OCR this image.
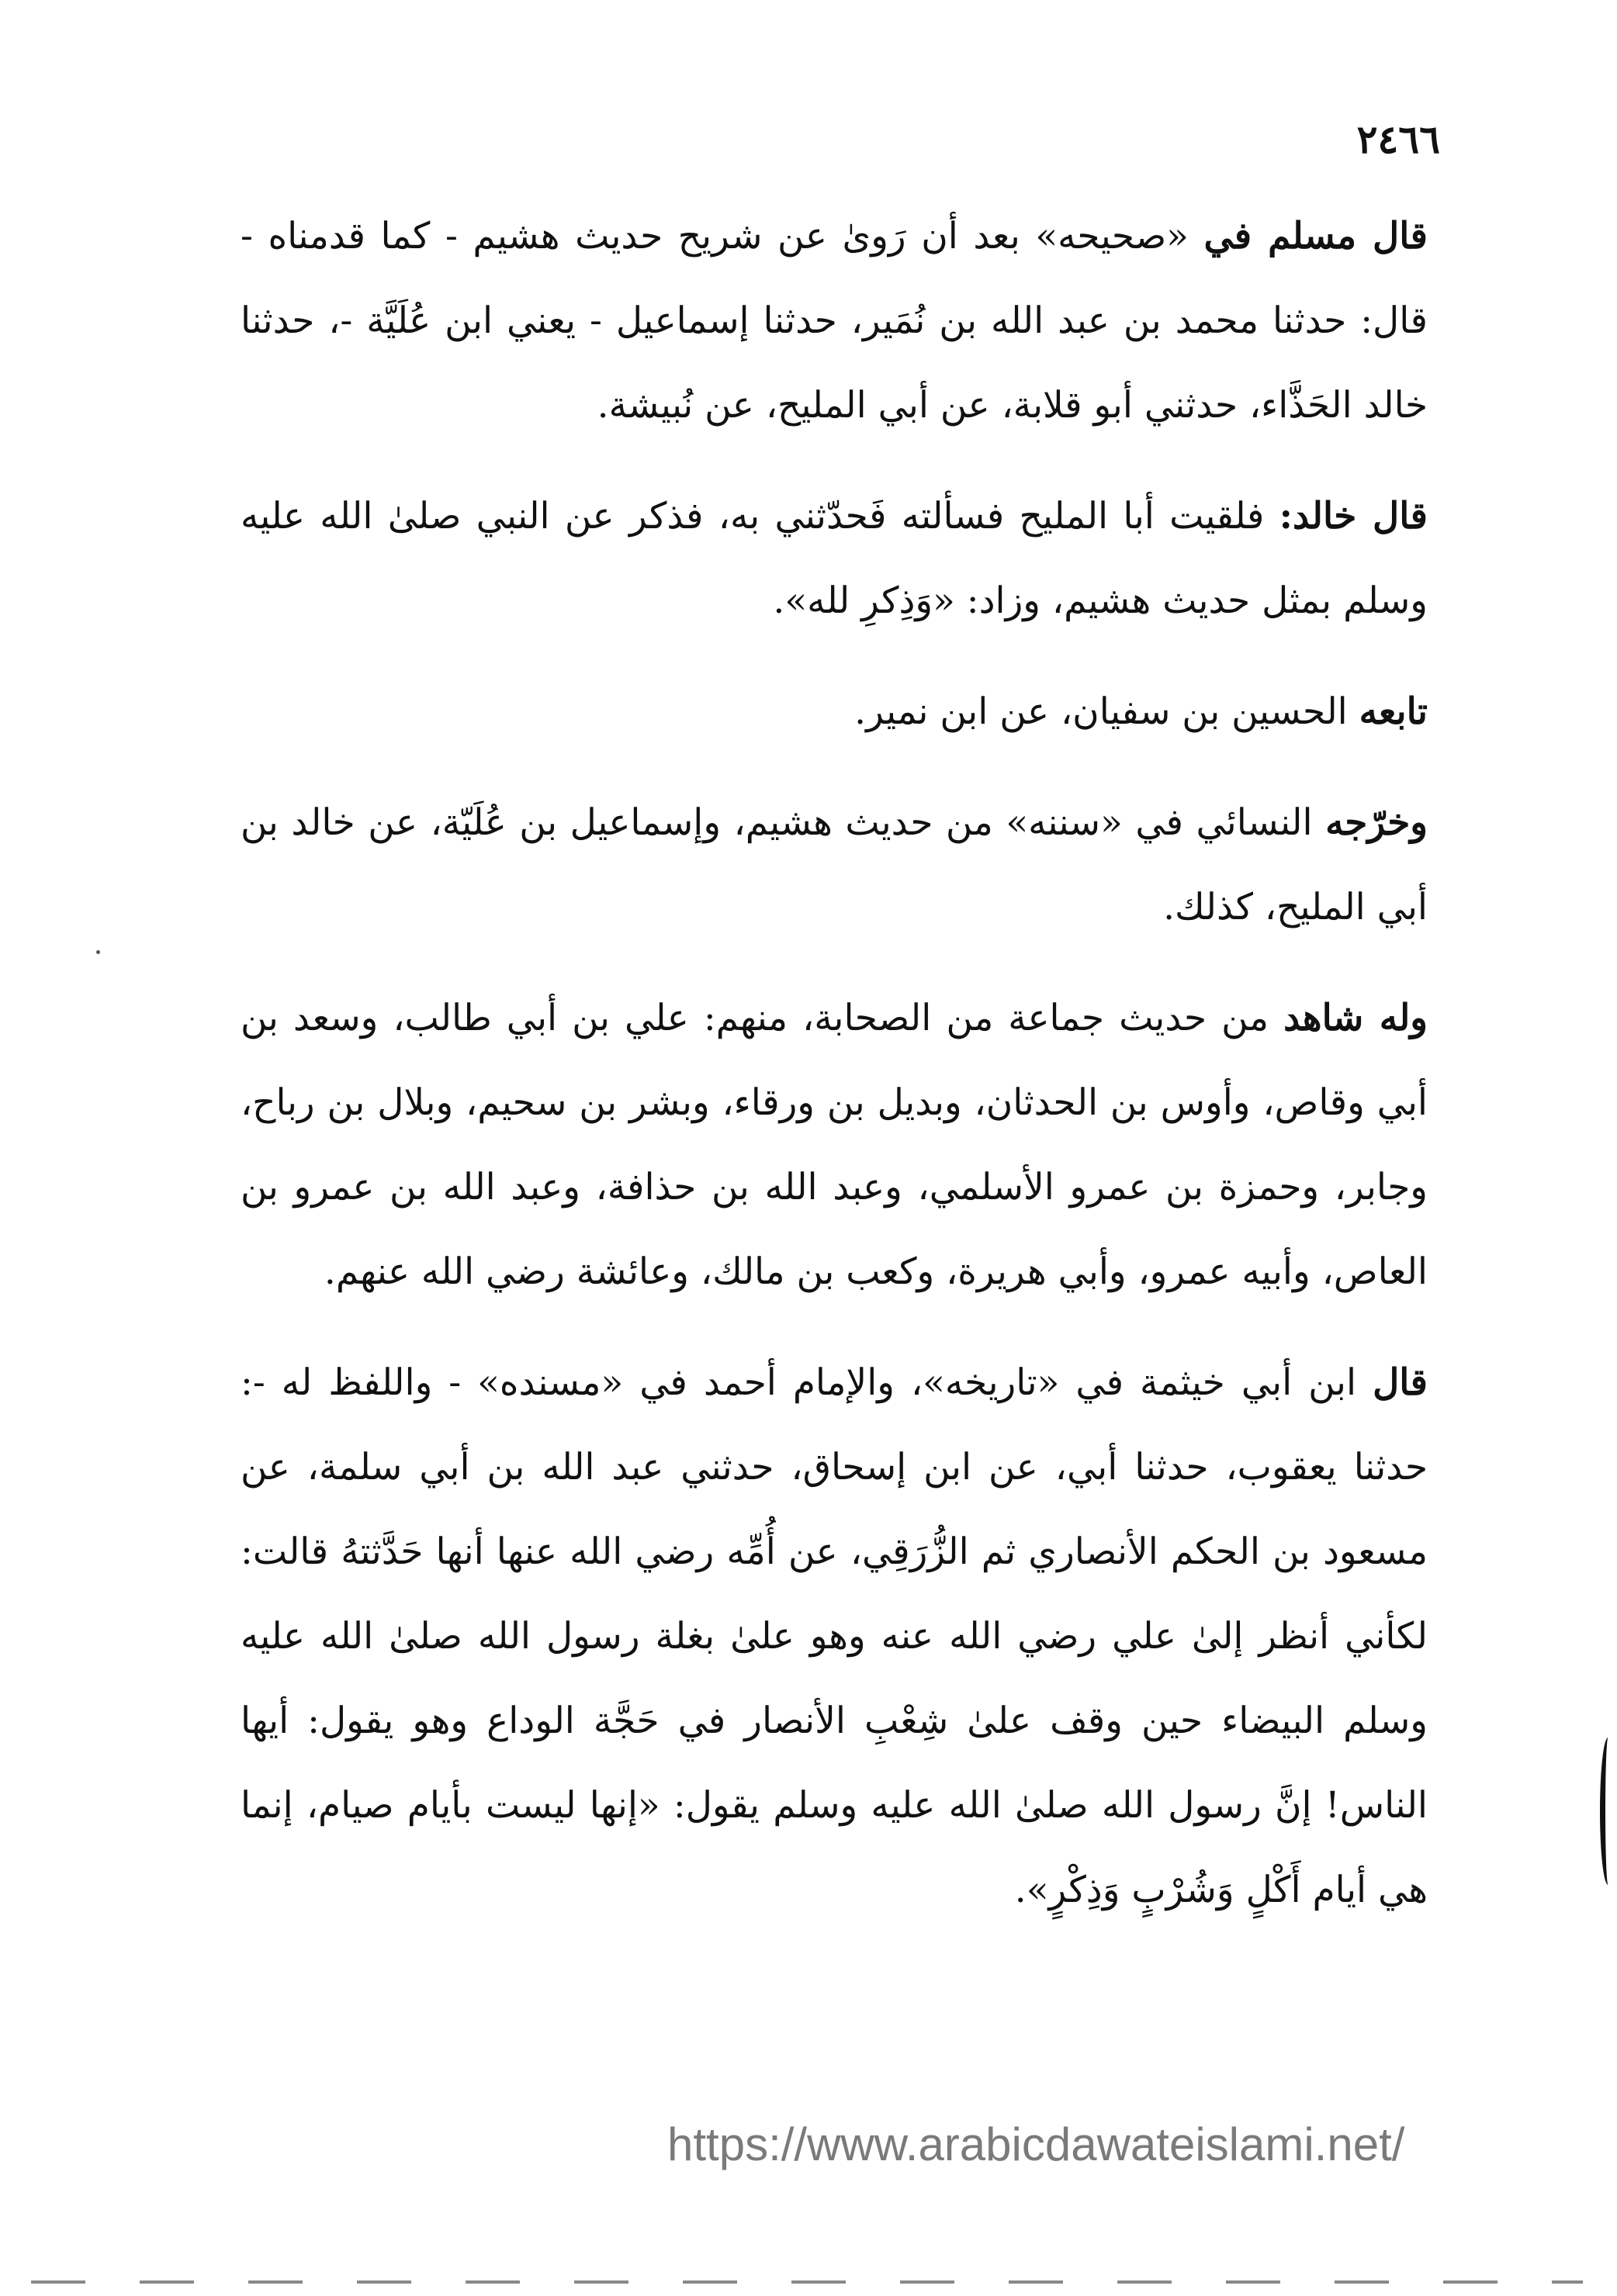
٢٤٦٦

قال مسلم في «صحيحه» بعد أن رَوىٰ عن شريح حديث هشيم - كما قدمناه - قال: حدثنا محمد بن عبد الله بن نُمَير، حدثنا إسماعيل - يعني ابن عُلَيَّة -، حدثنا خالد الحَذَّاء، حدثني أبو قلابة، عن أبي المليح، عن نُبيشة.

قال خالد: فلقيت أبا المليح فسألته فَحدّثني به، فذكر عن النبي صلىٰ الله عليه وسلم بمثل حديث هشيم، وزاد: «وَذِكرِ لله».

تابعه الحسين بن سفيان، عن ابن نمير.

وخرّجه النسائي في «سننه» من حديث هشيم، وإسماعيل بن عُلَيّة، عن خالد بن أبي المليح، كذلك.

وله شاهد من حديث جماعة من الصحابة، منهم: علي بن أبي طالب، وسعد بن أبي وقاص، وأوس بن الحدثان، وبديل بن ورقاء، وبشر بن سحيم، وبلال بن رباح، وجابر، وحمزة بن عمرو الأسلمي، وعبد الله بن حذافة، وعبد الله بن عمرو بن العاص، وأبيه عمرو، وأبي هريرة، وكعب بن مالك، وعائشة رضي الله عنهم.

قال ابن أبي خيثمة في «تاريخه»، والإمام أحمد في «مسنده» - واللفظ له -: حدثنا يعقوب، حدثنا أبي، عن ابن إسحاق، حدثني عبد الله بن أبي سلمة، عن مسعود بن الحكم الأنصاري ثم الزُّرَقِي، عن أُمِّه رضي الله عنها أنها حَدَّثتهُ قالت: لكأني أنظر إلىٰ علي رضي الله عنه وهو علىٰ بغلة رسول الله صلىٰ الله عليه وسلم البيضاء حين وقف علىٰ شِعْبِ الأنصار في حَجَّة الوداع وهو يقول: أيها الناس! إنَّ رسول الله صلىٰ الله عليه وسلم يقول: «إنها ليست بأيام صيام، إنما هي أيام أَكْلٍ وَشُرْبٍ وَذِكْرٍ».

https://www.arabicdawateislami.net/
